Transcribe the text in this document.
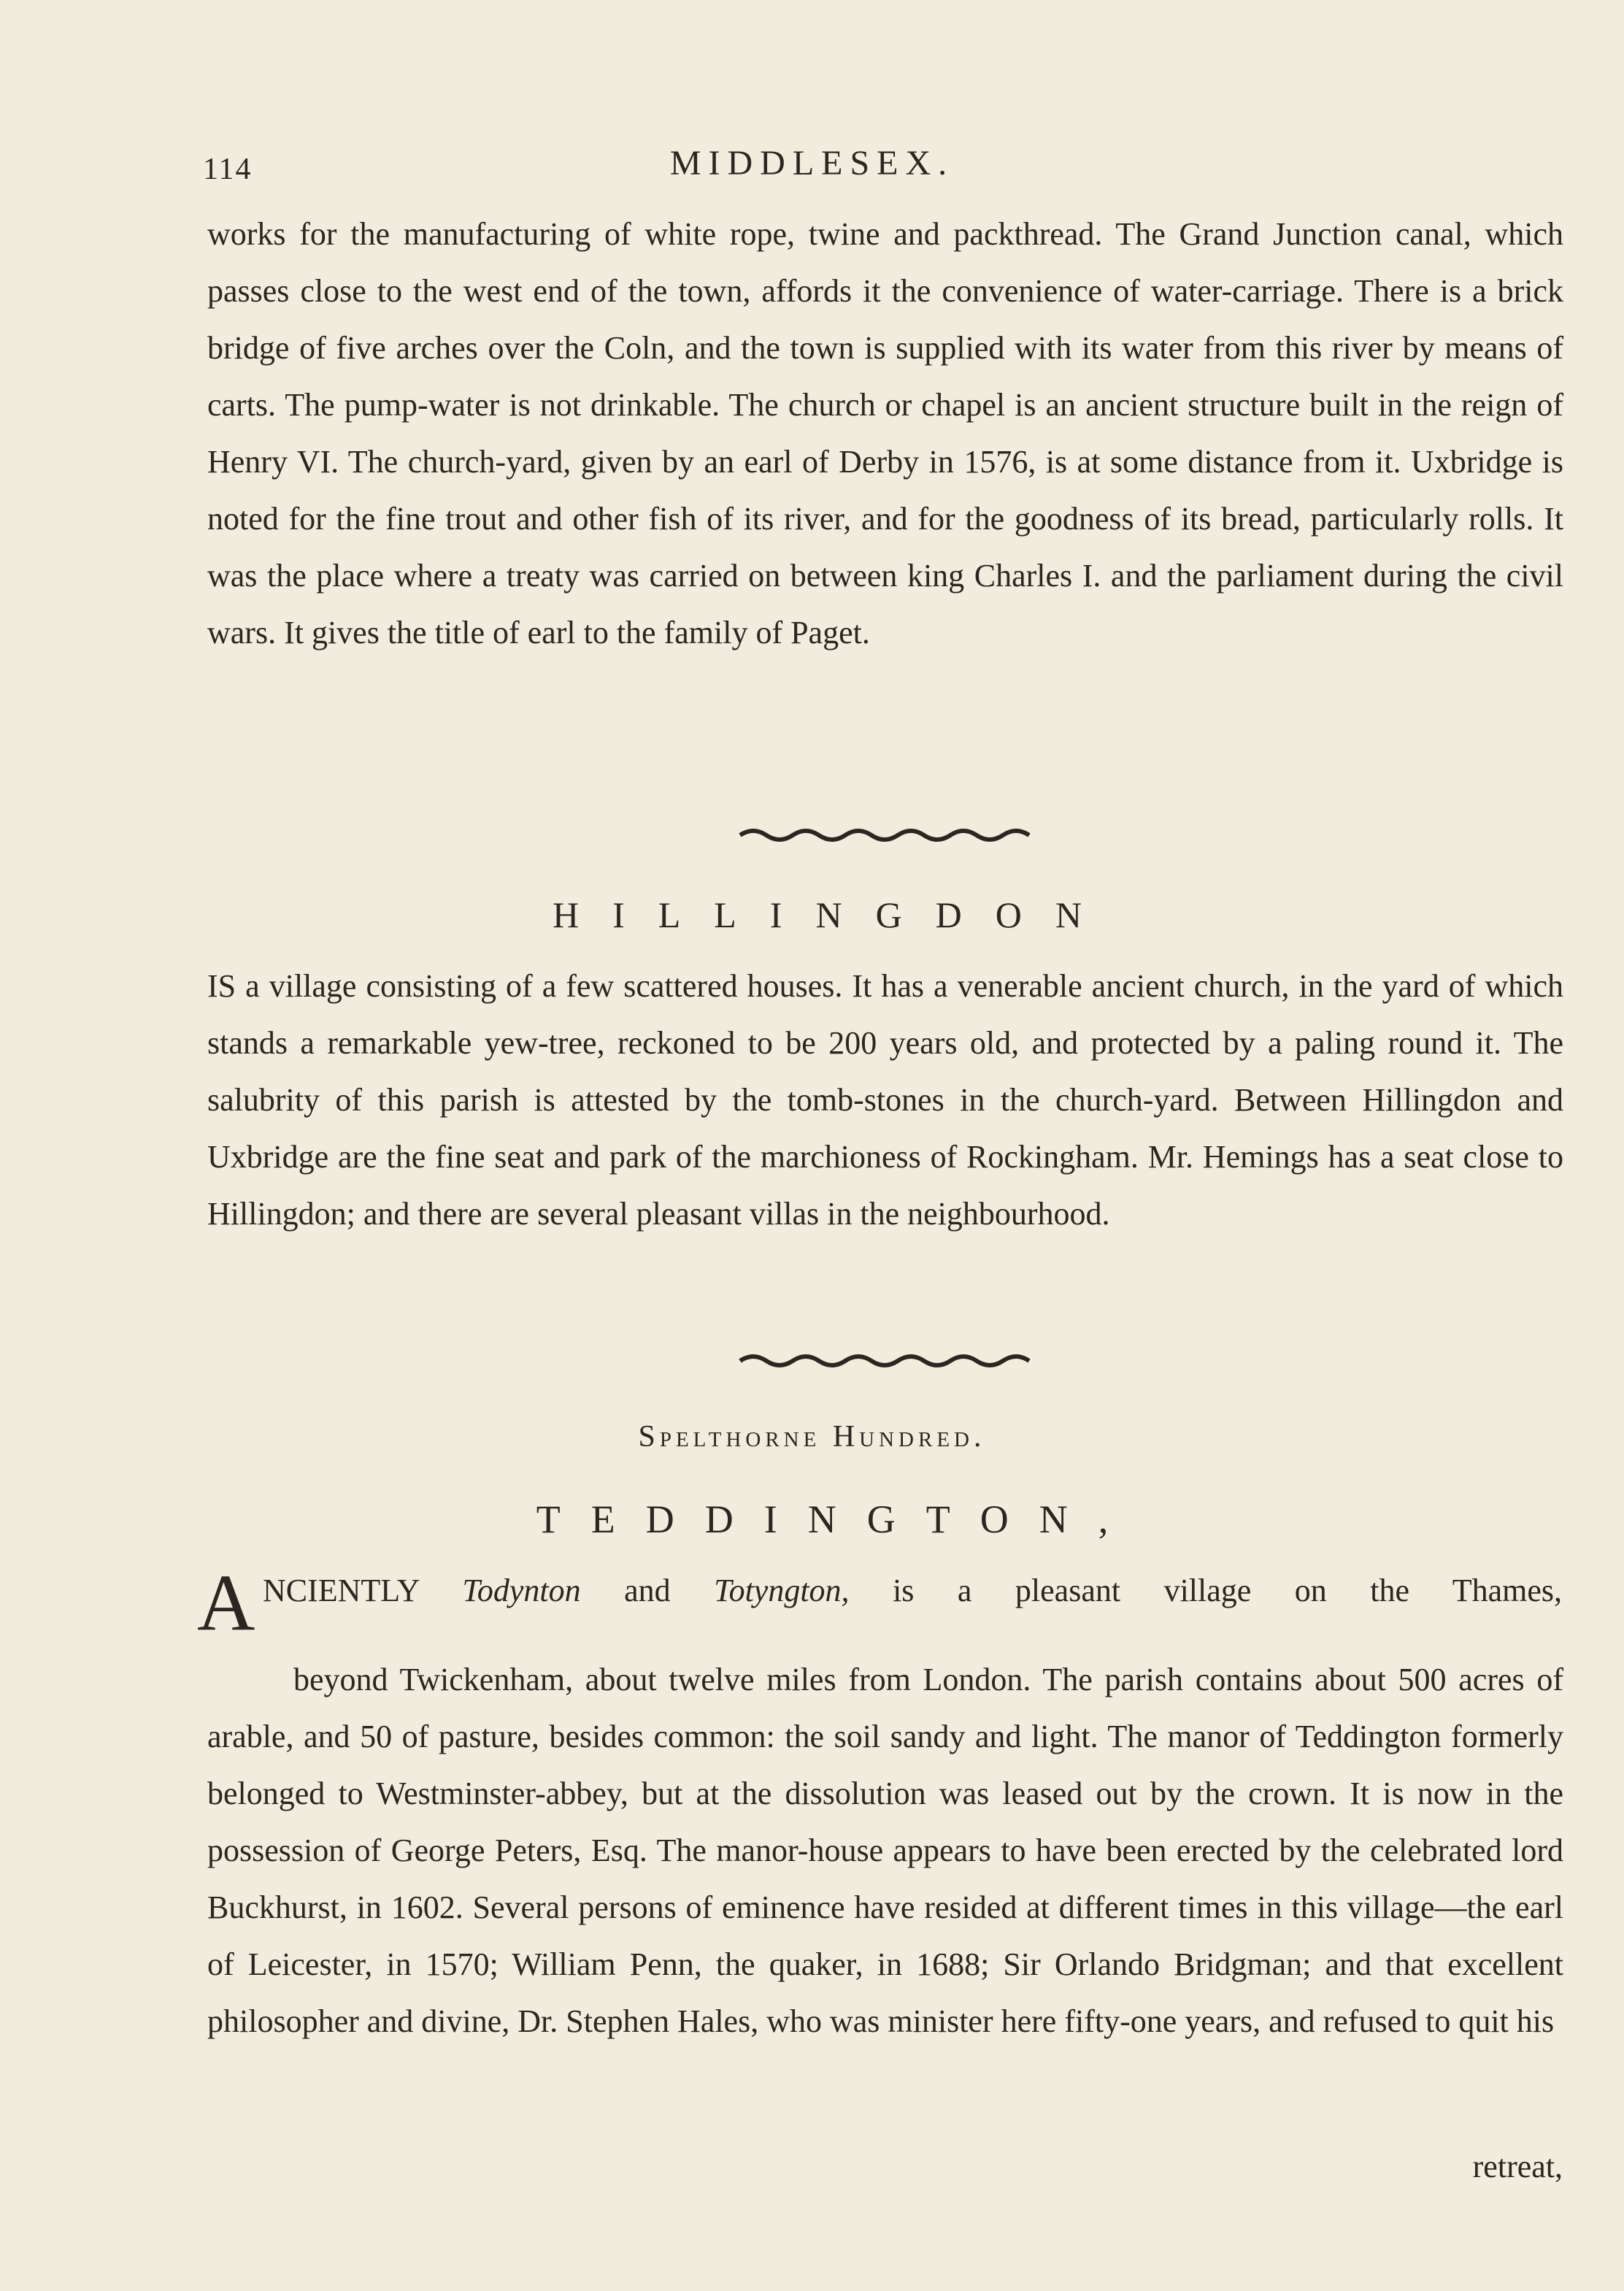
114	MIDDLESEX.

works for the manufacturing of white rope, twine and packthread. The Grand Junction canal, which passes close to the west end of the town, affords it the convenience of water-carriage. There is a brick bridge of five arches over the Coln, and the town is supplied with its water from this river by means of carts. The pump-water is not drinkable. The church or chapel is an ancient structure built in the reign of Henry VI. The church-yard, given by an earl of Derby in 1576, is at some distance from it. Uxbridge is noted for the fine trout and other fish of its river, and for the goodness of its bread, particularly rolls. It was the place where a treaty was carried on between king Charles I. and the parliament during the civil wars. It gives the title of earl to the family of Paget.

HILLINGDON

IS a village consisting of a few scattered houses. It has a venerable ancient church, in the yard of which stands a remarkable yew-tree, reckoned to be 200 years old, and protected by a paling round it. The salubrity of this parish is attested by the tomb-stones in the church-yard. Between Hillingdon and Uxbridge are the fine seat and park of the marchioness of Rockingham. Mr. Hemings has a seat close to Hillingdon; and there are several pleasant villas in the neighbourhood.

Spelthorne Hundred.
TEDDINGTON,
A NCIENTLY Todynton and Totyngton, is a pleasant village on the Thames,

beyond Twickenham, about twelve miles from London. The parish contains about 500 acres of arable, and 50 of pasture, besides common: the soil sandy and light. The manor of Teddington formerly belonged to Westminster-abbey, but at the dissolution was leased out by the crown. It is now in the possession of George Peters, Esq. The manor-house appears to have been erected by the celebrated lord Buckhurst, in 1602. Several persons of eminence have resided at different times in this village—the earl of Leicester, in 1570; William Penn, the quaker, in 1688; Sir Orlando Bridgman; and that excellent philosopher and divine, Dr. Stephen Hales, who was minister here fifty-one years, and refused to quit his

retreat,
